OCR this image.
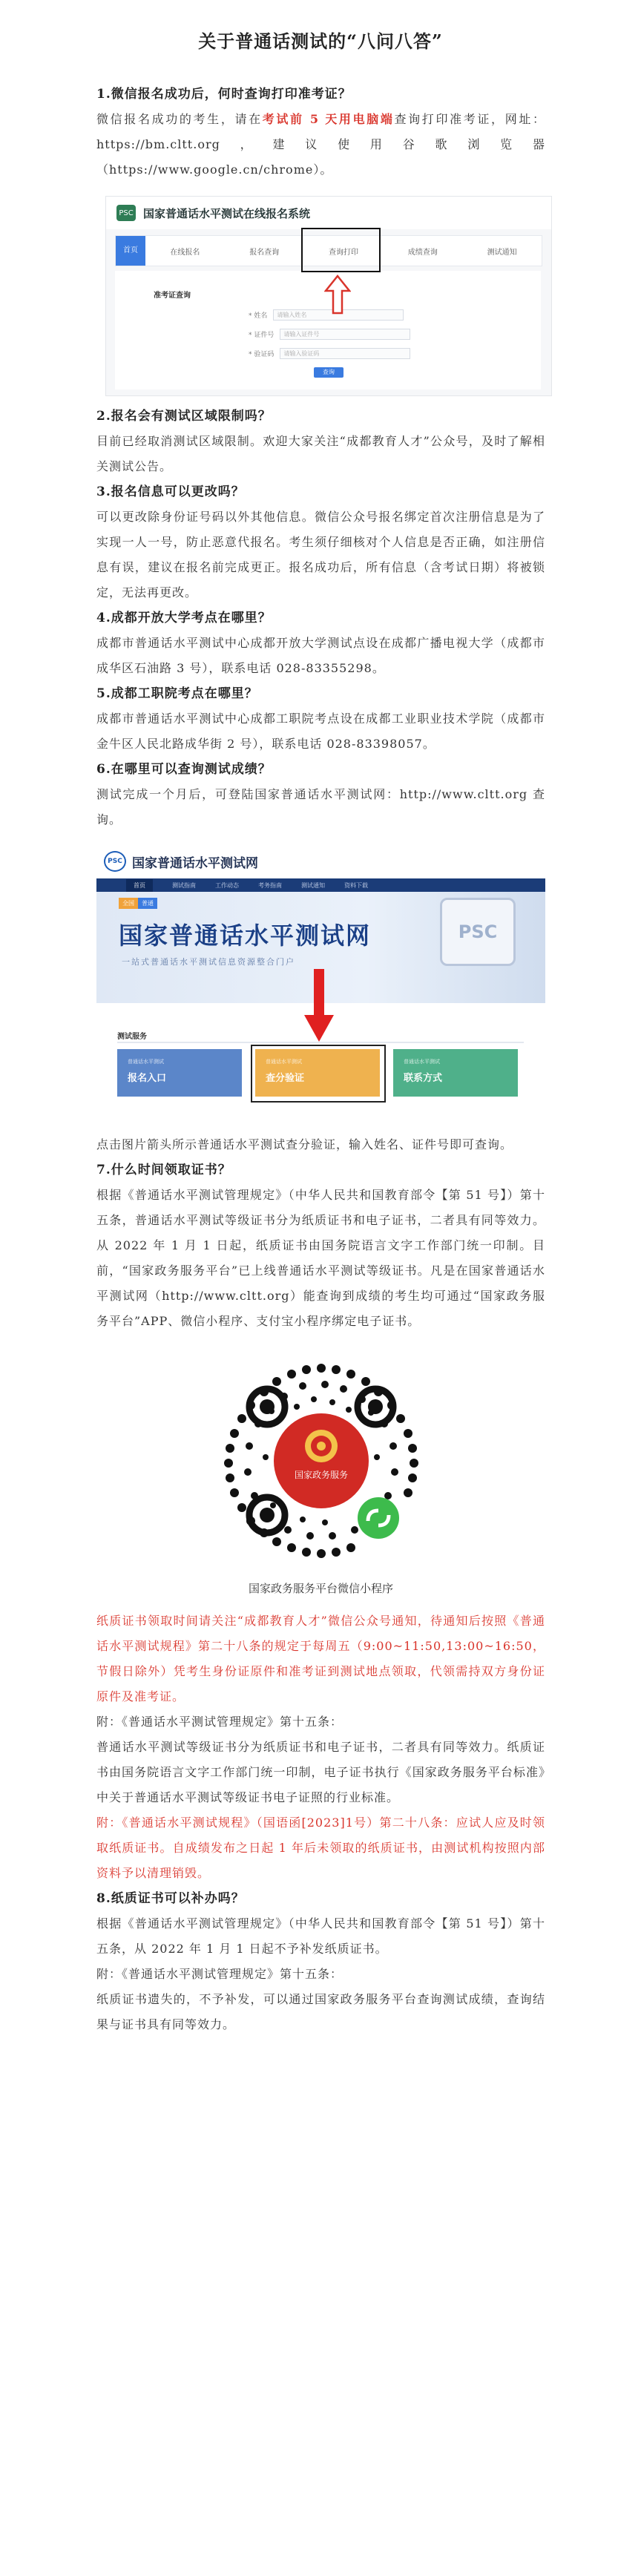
关于普通话测试的“八问八答”

1.微信报名成功后，何时查询打印准考证？

微信报名成功的考生，请在考试前 5 天用电脑端查询打印准考证，网址：https://bm.cltt.org，建议使用谷歌浏览器（https://www.google.cn/chrome）。

PSC 国家普通话水平测试在线报名系统
首页	在线报名	报名查询	查询打印	成绩查询	测试通知
准考证查询
* 姓名	请输入姓名
* 证件号	请输入证件号
* 验证码	请输入验证码
查询

2.报名会有测试区域限制吗？

目前已经取消测试区域限制。欢迎大家关注“成都教育人才”公众号，及时了解相关测试公告。

3.报名信息可以更改吗？

可以更改除身份证号码以外其他信息。微信公众号报名绑定首次注册信息是为了实现一人一号，防止恶意代报名。考生须仔细核对个人信息是否正确，如注册信息有误，建议在报名前完成更正。报名成功后，所有信息（含考试日期）将被锁定，无法再更改。

4.成都开放大学考点在哪里？

成都市普通话水平测试中心成都开放大学测试点设在成都广播电视大学（成都市成华区石油路 3 号），联系电话 028-83355298。

5.成都工职院考点在哪里？

成都市普通话水平测试中心成都工职院考点设在成都工业职业技术学院（成都市金牛区人民北路成华街 2 号），联系电话 028-83398057。

6.在哪里可以查询测试成绩？

测试完成一个月后，可登陆国家普通话水平测试网：http://www.cltt.org 查询。

PSC 国家普通话水平测试网
首页	测试指南	工作动态	考务指南	测试通知	资料下载
全国	普通
国家普通话水平测试网
一站式普通话水平测试信息资源整合门户
PSC
测试服务
普通话水平测试
报名入口
普通话水平测试
查分验证
普通话水平测试
联系方式

点击图片箭头所示普通话水平测试查分验证，输入姓名、证件号即可查询。

7.什么时间领取证书？

根据《普通话水平测试管理规定》（中华人民共和国教育部令【第 51 号】）第十五条，普通话水平测试等级证书分为纸质证书和电子证书，二者具有同等效力。从 2022 年 1 月 1 日起，纸质证书由国务院语言文字工作部门统一印制。目前，“国家政务服务平台”已上线普通话水平测试等级证书。凡是在国家普通话水平测试网（http://www.cltt.org）能查询到成绩的考生均可通过“国家政务服务平台”APP、微信小程序、支付宝小程序绑定电子证书。

国家政务服务

国家政务服务平台微信小程序

纸质证书领取时间请关注“成都教育人才”微信公众号通知，待通知后按照《普通话水平测试规程》第二十八条的规定于每周五（9:00~11:50,13:00~16:50，节假日除外）凭考生身份证原件和准考证到测试地点领取，代领需持双方身份证原件及准考证。

附：《普通话水平测试管理规定》第十五条：

普通话水平测试等级证书分为纸质证书和电子证书，二者具有同等效力。纸质证书由国务院语言文字工作部门统一印制，电子证书执行《国家政务服务平台标准》中关于普通话水平测试等级证书电子证照的行业标准。

附：《普通话水平测试规程》（国语函[2023]1号）第二十八条：应试人应及时领取纸质证书。自成绩发布之日起 1 年后未领取的纸质证书，由测试机构按照内部资料予以清理销毁。

8.纸质证书可以补办吗？

根据《普通话水平测试管理规定》（中华人民共和国教育部令【第 51 号】）第十五条，从 2022 年 1 月 1 日起不予补发纸质证书。

附：《普通话水平测试管理规定》第十五条：

纸质证书遗失的，不予补发，可以通过国家政务服务平台查询测试成绩，查询结果与证书具有同等效力。
